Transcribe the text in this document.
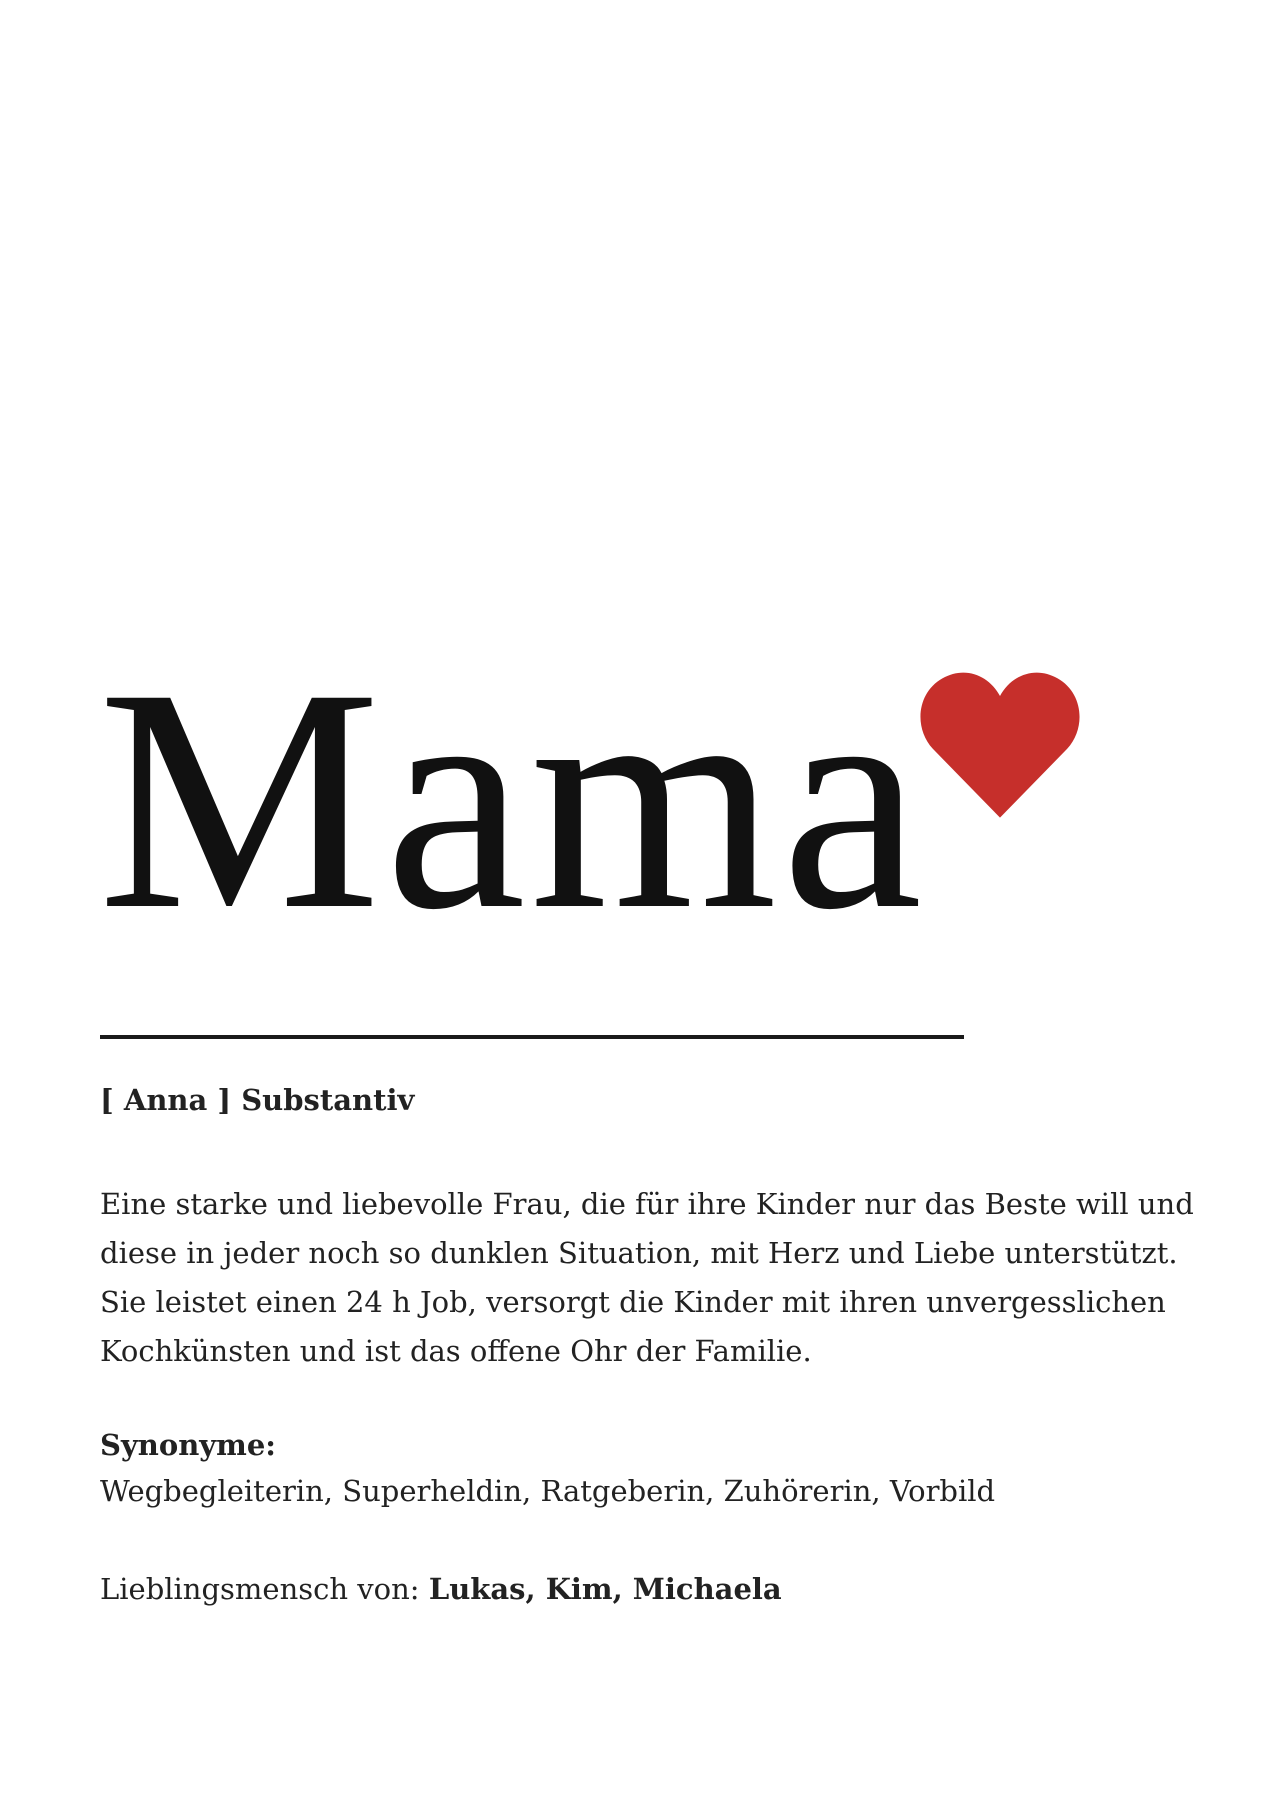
Mama
[ Anna ] Substantiv
Eine starke und liebevolle Frau, die für ihre Kinder nur das Beste will und
diese in jeder noch so dunklen Situation, mit Herz und Liebe unterstützt.
Sie leistet einen 24 h Job, versorgt die Kinder mit ihren unvergesslichen
Kochkünsten und ist das offene Ohr der Familie.
Synonyme:
Wegbegleiterin, Superheldin, Ratgeberin, Zuhörerin, Vorbild
Lieblingsmensch von: Lukas, Kim, Michaela
